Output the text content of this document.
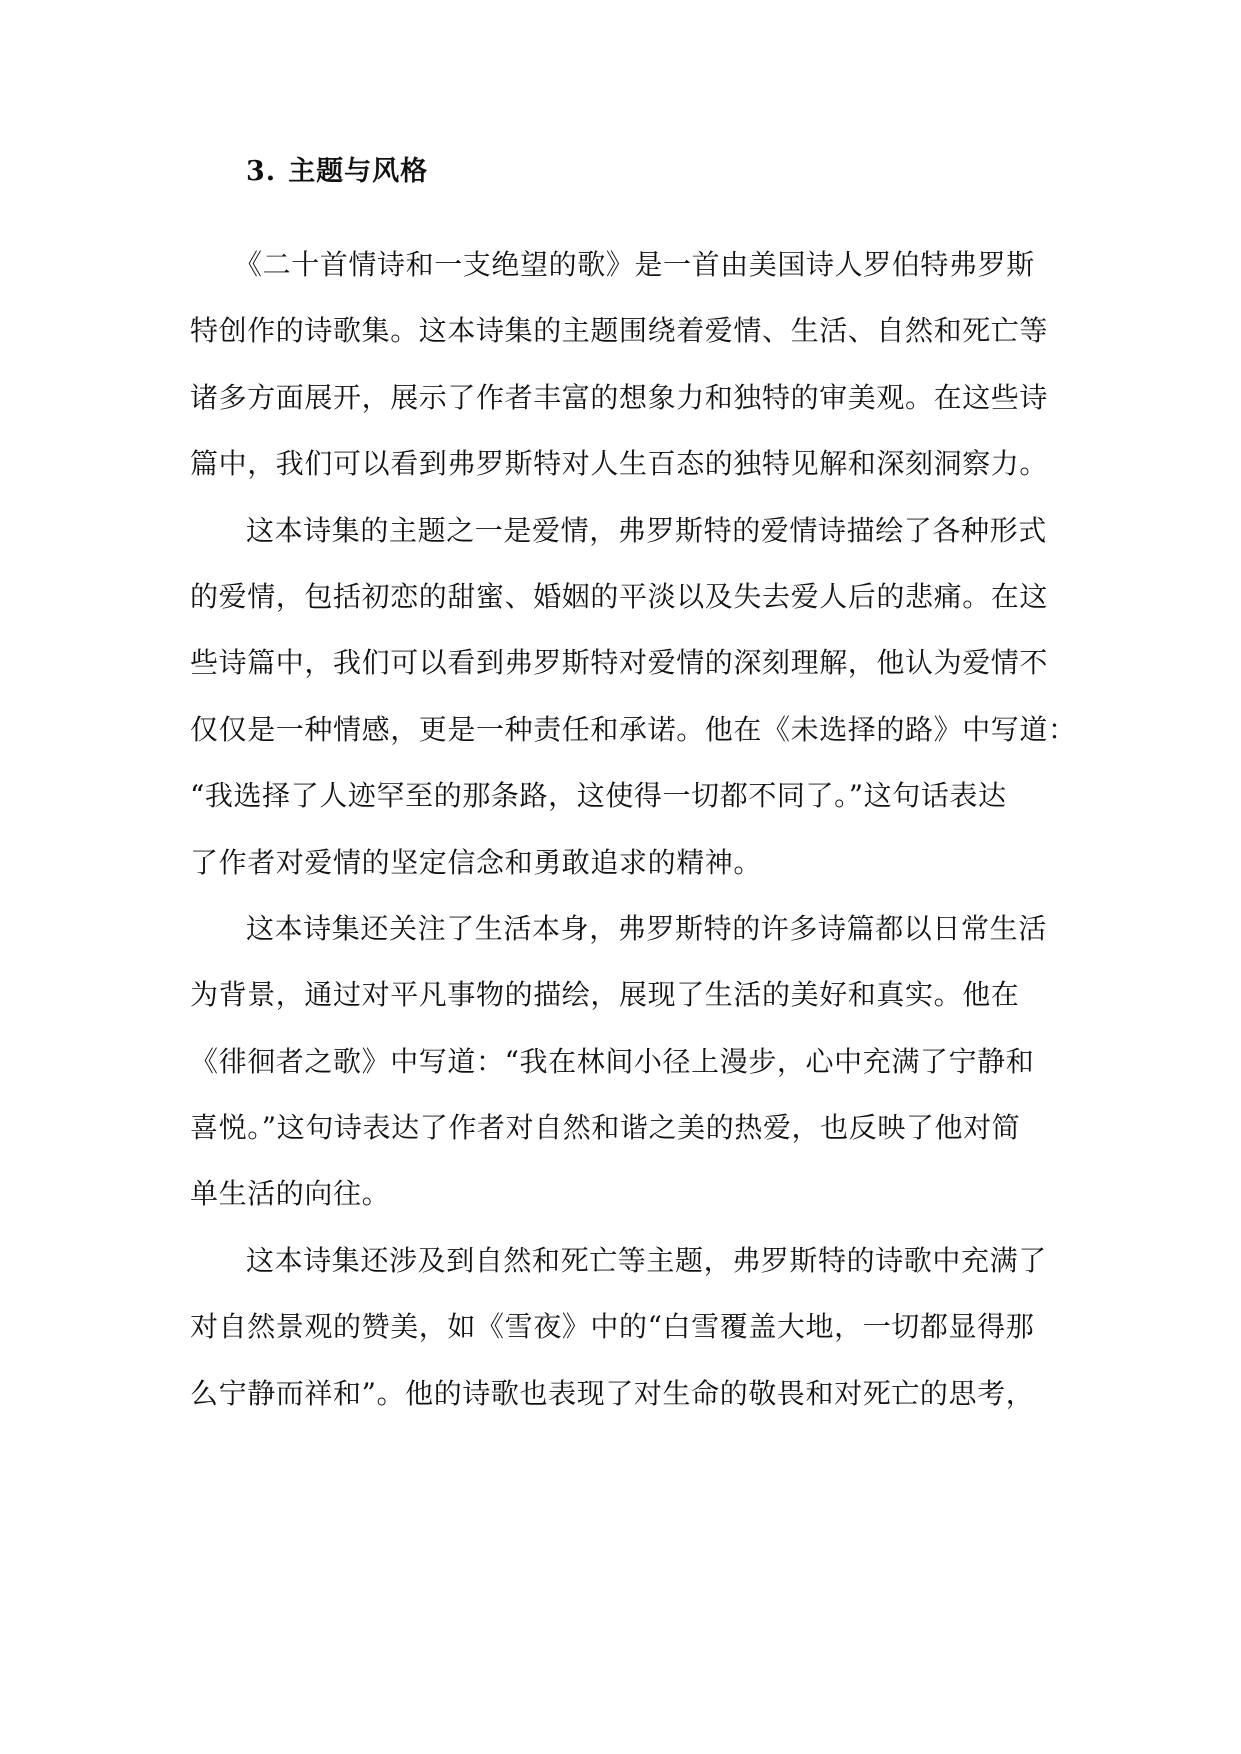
3. 主题与风格
《二十首情诗和一支绝望的歌》是一首由美国诗人罗伯特弗罗斯
特创作的诗歌集。这本诗集的主题围绕着爱情、生活、自然和死亡等
诸多方面展开，展示了作者丰富的想象力和独特的审美观。在这些诗
篇中，我们可以看到弗罗斯特对人生百态的独特见解和深刻洞察力。
这本诗集的主题之一是爱情，弗罗斯特的爱情诗描绘了各种形式
的爱情，包括初恋的甜蜜、婚姻的平淡以及失去爱人后的悲痛。在这
些诗篇中，我们可以看到弗罗斯特对爱情的深刻理解，他认为爱情不
仅仅是一种情感，更是一种责任和承诺。他在《未选择的路》中写道：
“我选择了人迹罕至的那条路，这使得一切都不同了。”这句话表达
了作者对爱情的坚定信念和勇敢追求的精神。
这本诗集还关注了生活本身，弗罗斯特的许多诗篇都以日常生活
为背景，通过对平凡事物的描绘，展现了生活的美好和真实。他在
《徘徊者之歌》中写道：“我在林间小径上漫步，心中充满了宁静和
喜悦。”这句诗表达了作者对自然和谐之美的热爱，也反映了他对简
单生活的向往。
这本诗集还涉及到自然和死亡等主题，弗罗斯特的诗歌中充满了
对自然景观的赞美，如《雪夜》中的“白雪覆盖大地，一切都显得那
么宁静而祥和”。他的诗歌也表现了对生命的敬畏和对死亡的思考，
